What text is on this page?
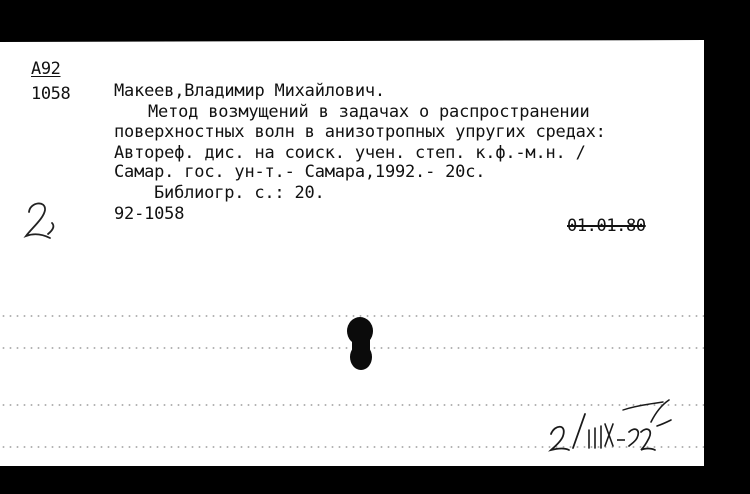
А92
1058	Макеев,Владимир Михайлович.
Метод возмущений в задачах о распространении
поверхностных волн в анизотропных упругих средах:
Автореф. дис. на соиск. учен. степ. к.ф.-м.н. /
Самар. гос. ун-т.- Самара,1992.- 20с.
Библиогр. с.: 20.
92-1058
01.01.80
